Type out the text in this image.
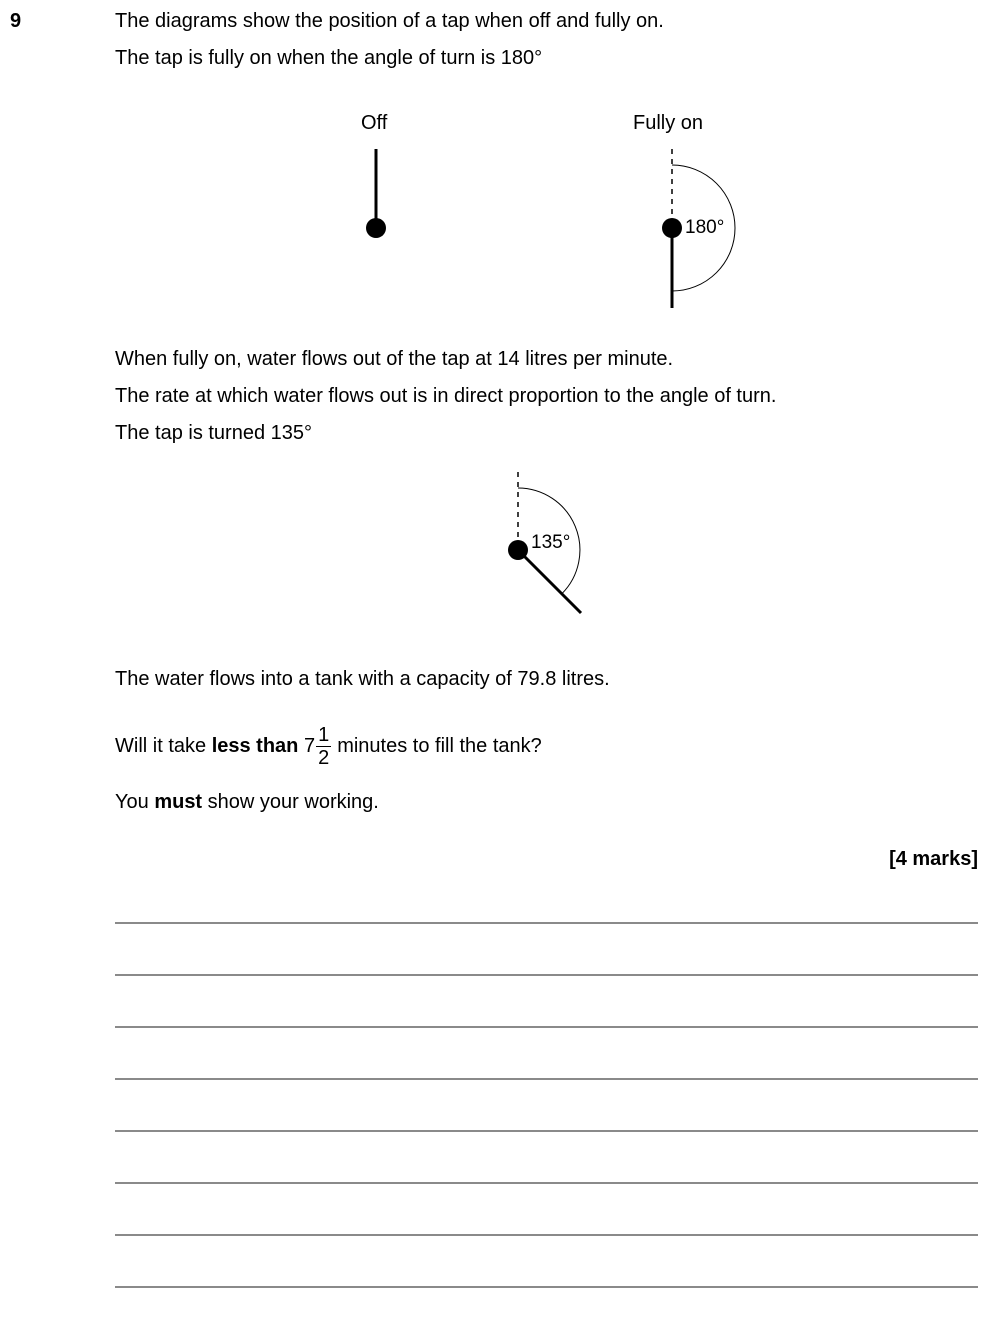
9	The diagrams show the position of a tap when off and fully on.
The tap is fully on when the angle of turn is 180°
Off	Fully on
180°
When fully on, water flows out of the tap at 14 litres per minute.
The rate at which water flows out is in direct proportion to the angle of turn.
The tap is turned 135°
135°
The water flows into a tank with a capacity of 79.8 litres.
Will it take less than $7 \frac{1}{2}$ minutes to fill the tank?
You must show your working.
[4 marks]
